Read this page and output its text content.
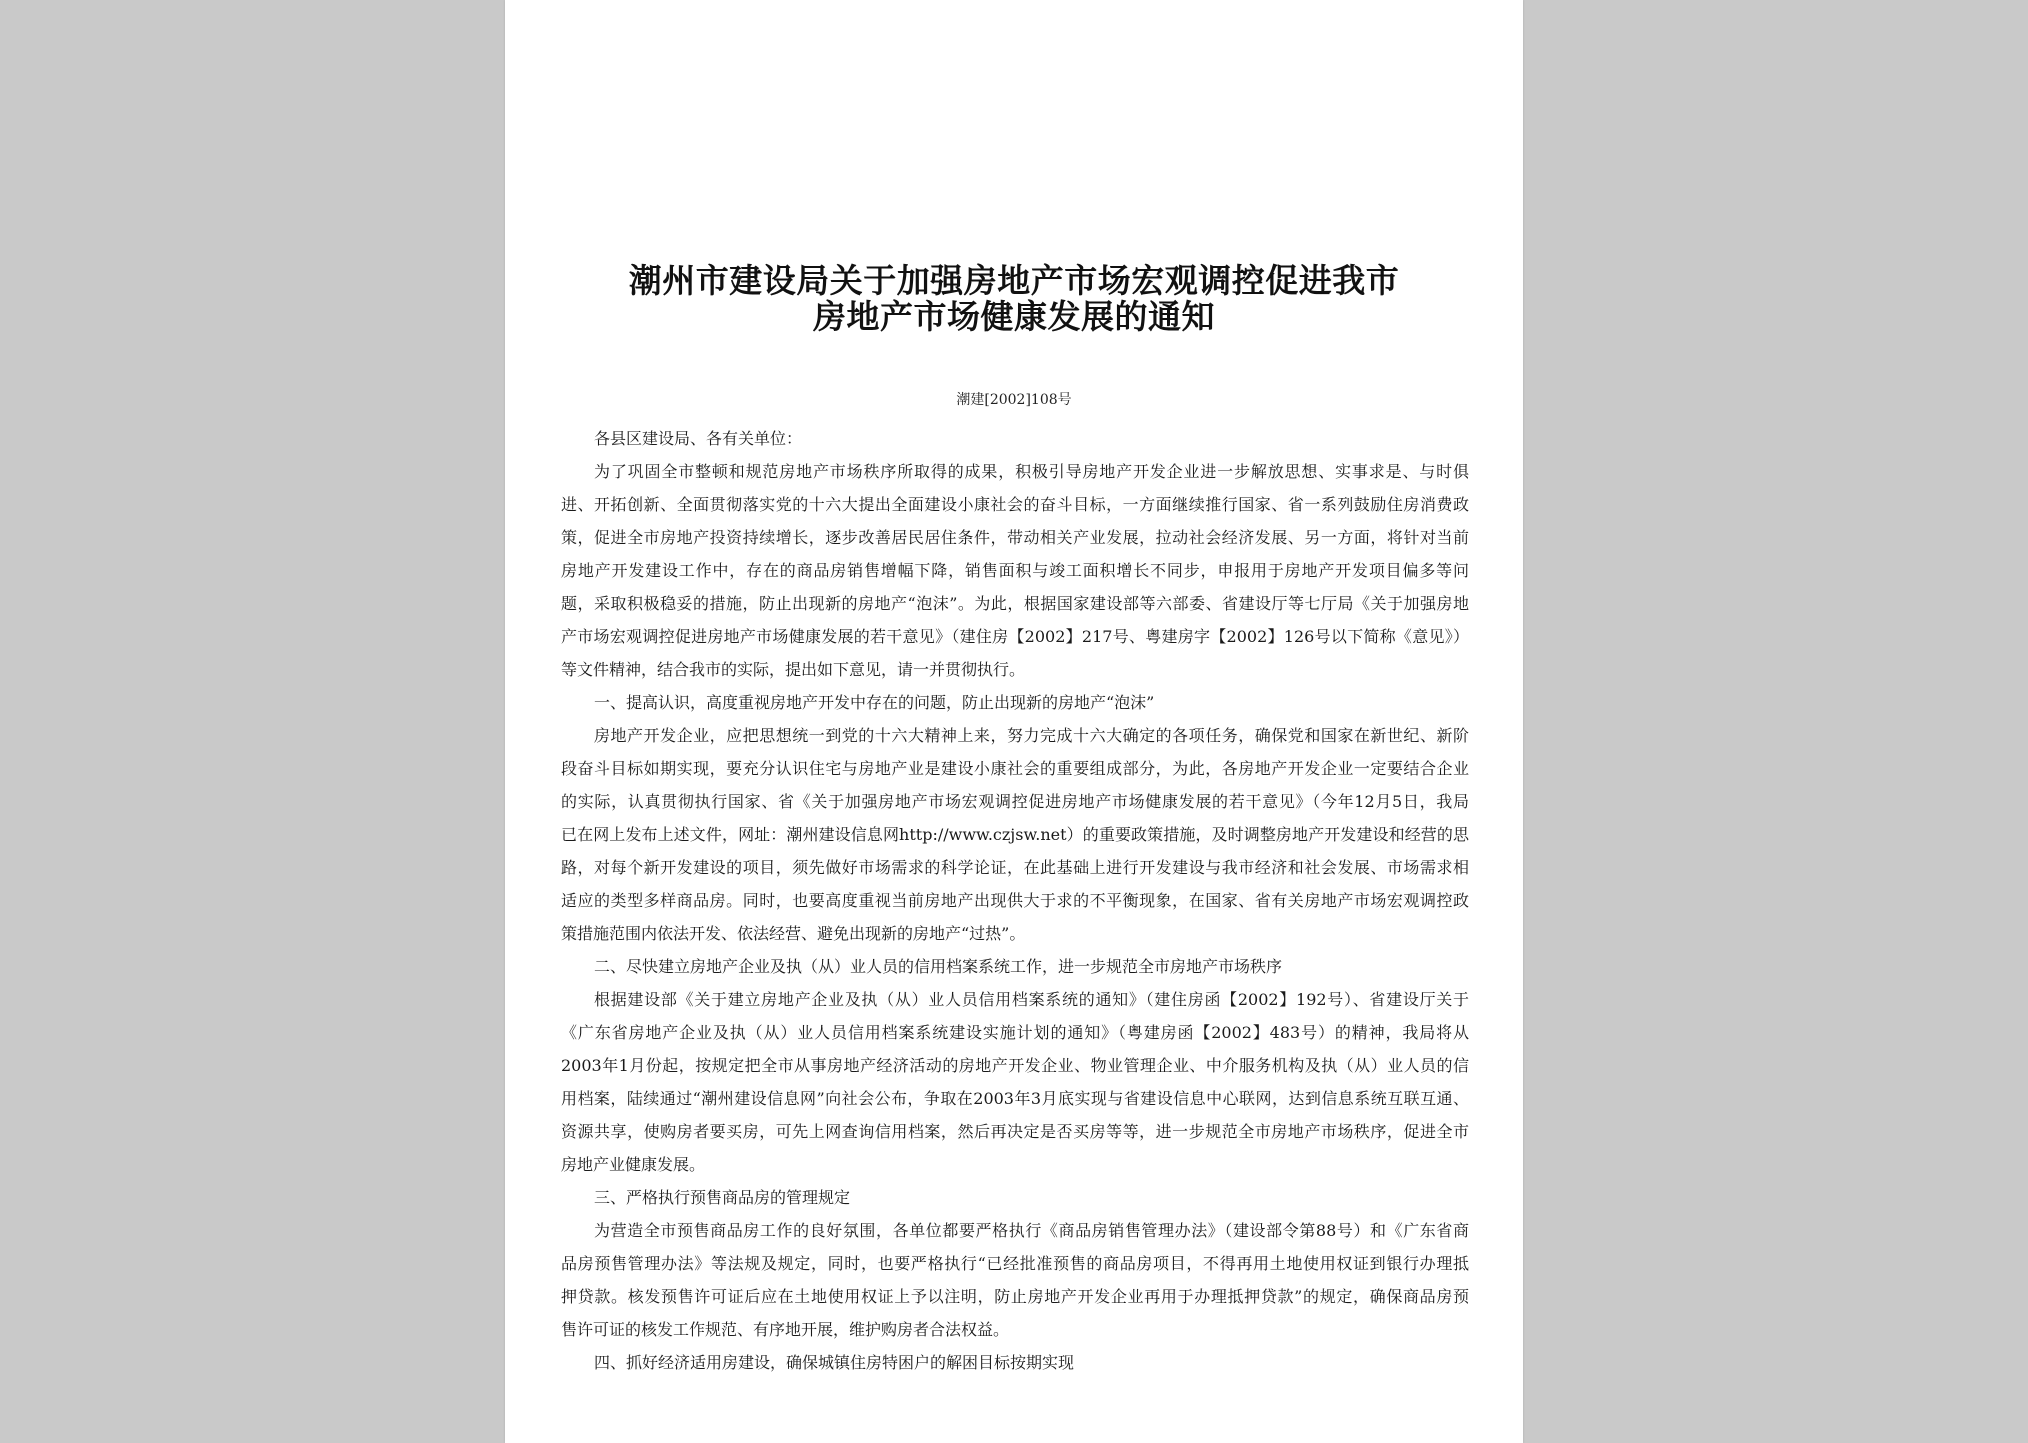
潮州市建设局关于加强房地产市场宏观调控促进我市
房地产市场健康发展的通知
潮建[2002]108号
各县区建设局、各有关单位：
为了巩固全市整顿和规范房地产市场秩序所取得的成果，积极引导房地产开发企业进一步解放思想、实事求是、与时俱
进、开拓创新、全面贯彻落实党的十六大提出全面建设小康社会的奋斗目标，一方面继续推行国家、省一系列鼓励住房消费政
策，促进全市房地产投资持续增长，逐步改善居民居住条件，带动相关产业发展，拉动社会经济发展、另一方面，将针对当前
房地产开发建设工作中，存在的商品房销售增幅下降，销售面积与竣工面积增长不同步，申报用于房地产开发项目偏多等问
题，采取积极稳妥的措施，防止出现新的房地产“泡沫”。为此，根据国家建设部等六部委、省建设厅等七厅局《关于加强房地
产市场宏观调控促进房地产市场健康发展的若干意见》（建住房【2002】217号、粤建房字【2002】126号以下简称《意见》）
等文件精神，结合我市的实际，提出如下意见，请一并贯彻执行。
一、提高认识，高度重视房地产开发中存在的问题，防止出现新的房地产“泡沫”
房地产开发企业，应把思想统一到党的十六大精神上来，努力完成十六大确定的各项任务，确保党和国家在新世纪、新阶
段奋斗目标如期实现，要充分认识住宅与房地产业是建设小康社会的重要组成部分，为此，各房地产开发企业一定要结合企业
的实际，认真贯彻执行国家、省《关于加强房地产市场宏观调控促进房地产市场健康发展的若干意见》（今年12月5日，我局
已在网上发布上述文件，网址：潮州建设信息网http://www.czjsw.net）的重要政策措施，及时调整房地产开发建设和经营的思
路，对每个新开发建设的项目，须先做好市场需求的科学论证，在此基础上进行开发建设与我市经济和社会发展、市场需求相
适应的类型多样商品房。同时，也要高度重视当前房地产出现供大于求的不平衡现象，在国家、省有关房地产市场宏观调控政
策措施范围内依法开发、依法经营、避免出现新的房地产“过热”。
二、尽快建立房地产企业及执（从）业人员的信用档案系统工作，进一步规范全市房地产市场秩序
根据建设部《关于建立房地产企业及执（从）业人员信用档案系统的通知》（建住房函【2002】192号）、省建设厅关于
《广东省房地产企业及执（从）业人员信用档案系统建设实施计划的通知》（粤建房函【2002】483号）的精神，我局将从
2003年1月份起，按规定把全市从事房地产经济活动的房地产开发企业、物业管理企业、中介服务机构及执（从）业人员的信
用档案，陆续通过“潮州建设信息网”向社会公布，争取在2003年3月底实现与省建设信息中心联网，达到信息系统互联互通、
资源共享，使购房者要买房，可先上网查询信用档案，然后再决定是否买房等等，进一步规范全市房地产市场秩序，促进全市
房地产业健康发展。
三、严格执行预售商品房的管理规定
为营造全市预售商品房工作的良好氛围，各单位都要严格执行《商品房销售管理办法》（建设部令第88号）和《广东省商
品房预售管理办法》等法规及规定，同时，也要严格执行“已经批准预售的商品房项目，不得再用土地使用权证到银行办理抵
押贷款。核发预售许可证后应在土地使用权证上予以注明，防止房地产开发企业再用于办理抵押贷款”的规定，确保商品房预
售许可证的核发工作规范、有序地开展，维护购房者合法权益。
四、抓好经济适用房建设，确保城镇住房特困户的解困目标按期实现
